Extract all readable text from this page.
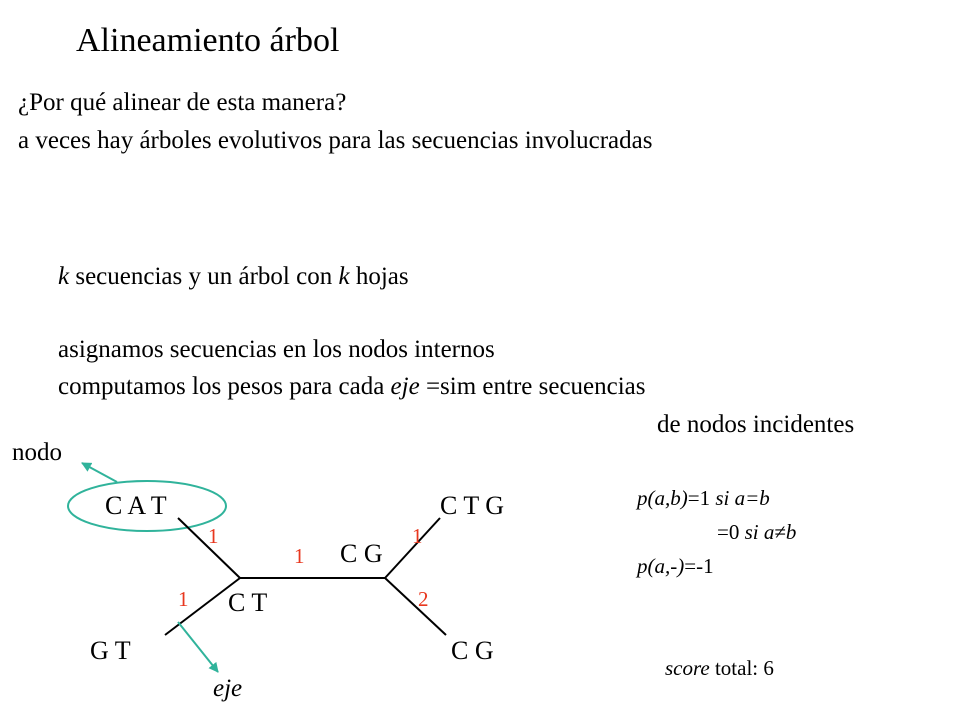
Alineamiento árbol
¿Por qué alinear de esta manera?
a veces hay árboles evolutivos para las secuencias involucradas
k secuencias y un árbol con k hojas
asignamos secuencias en los nodos internos
computamos los pesos para cada eje =sim entre secuencias
de nodos incidentes
nodo
eje
C A T	C T G
G T	C G
C T
C G
1	1
1
1	2
p(a,b)=1 si a=b
=0 si a≠b
p(a,-)=-1
score total: 6
